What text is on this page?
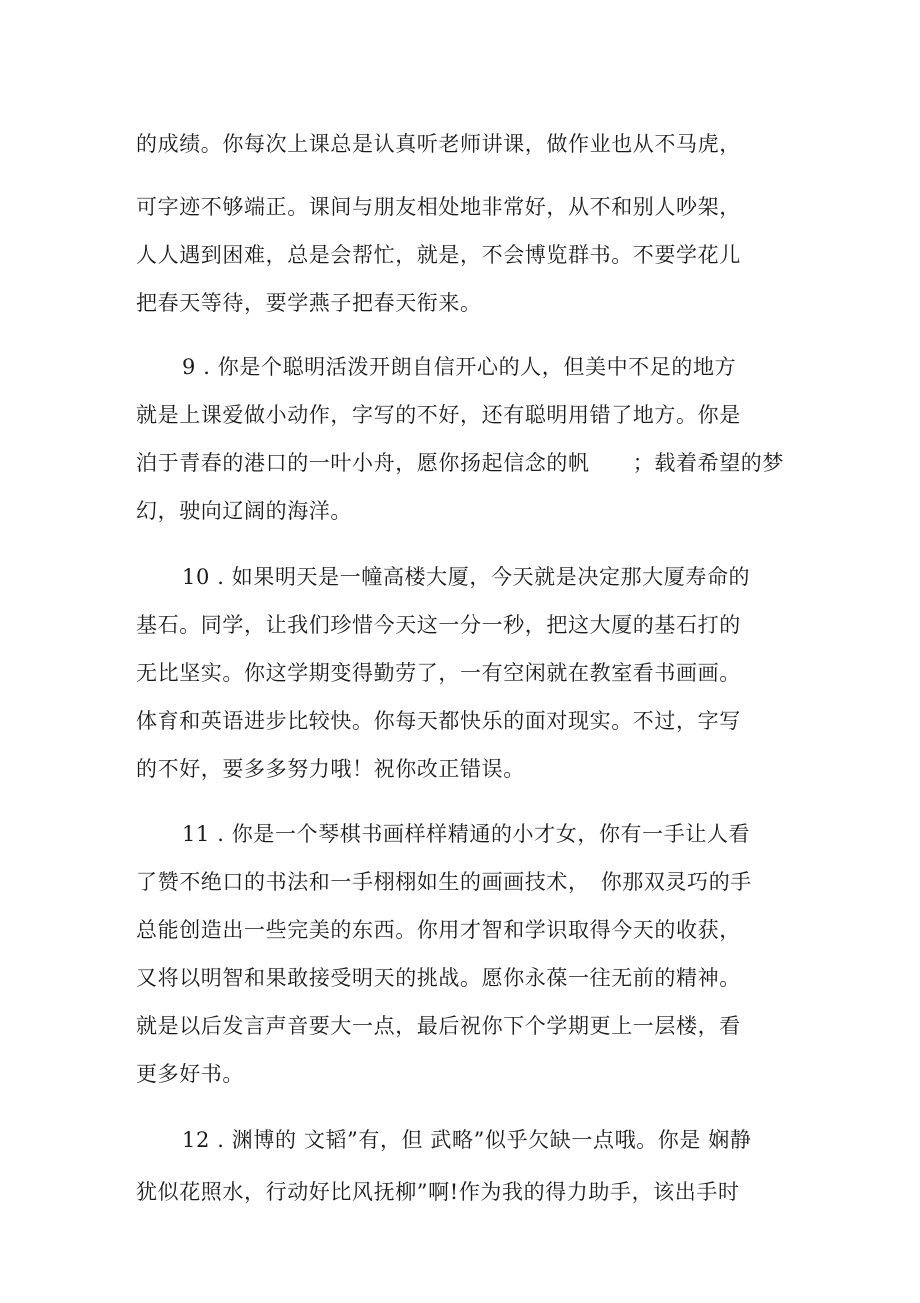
的成绩。你每次上课总是认真听老师讲课，做作业也从不马虎，
可字迹不够端正。课间与朋友相处地非常好，从不和别人吵架，
人人遇到困难，总是会帮忙，就是，不会博览群书。不要学花儿
把春天等待，要学燕子把春天衔来。
9 . 你是个聪明活泼开朗自信开心的人，但美中不足的地方
就是上课爱做小动作，字写的不好，还有聪明用错了地方。你是
泊于青春的港口的一叶小舟，愿你扬起信念的帆　　；载着希望的梦
幻，驶向辽阔的海洋。
10 . 如果明天是一幢高楼大厦，今天就是决定那大厦寿命的
基石。同学，让我们珍惜今天这一分一秒，把这大厦的基石打的
无比坚实。你这学期变得勤劳了，一有空闲就在教室看书画画。
体育和英语进步比较快。你每天都快乐的面对现实。不过，字写
的不好，要多多努力哦！祝你改正错误。
11 . 你是一个琴棋书画样样精通的小才女，你有一手让人看
了赞不绝口的书法和一手栩栩如生的画画技术，　你那双灵巧的手
总能创造出一些完美的东西。你用才智和学识取得今天的收获，
又将以明智和果敢接受明天的挑战。愿你永葆一往无前的精神。
就是以后发言声音要大一点，最后祝你下个学期更上一层楼，看
更多好书。
12 . 渊博的 文韬”有，但 武略”似乎欠缺一点哦。你是 娴静
犹似花照水，行动好比风抚柳”啊!作为我的得力助手，该出手时
